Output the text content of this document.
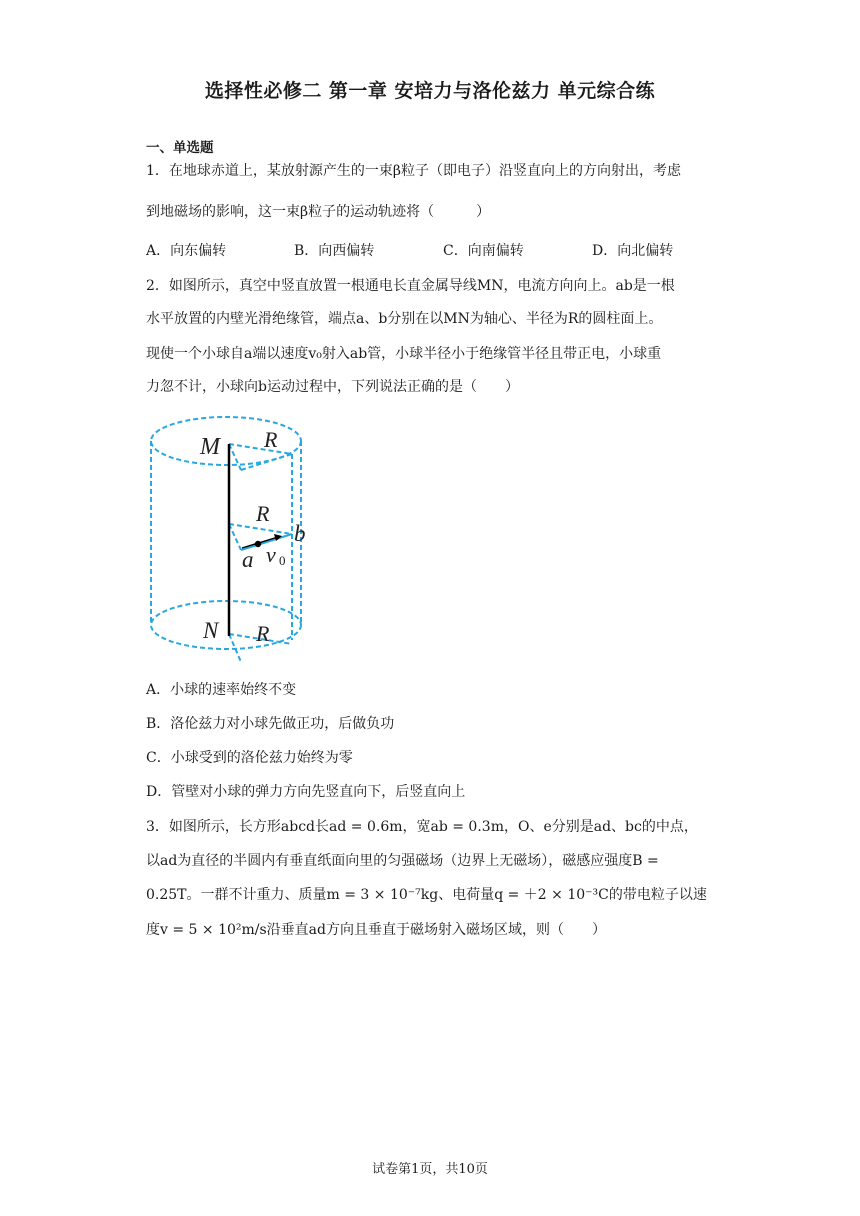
选择性必修二 第一章 安培力与洛伦兹力 单元综合练
一、单选题
1．在地球赤道上，某放射源产生的一束β粒子（即电子）沿竖直向上的方向射出，考虑
到地磁场的影响，这一束β粒子的运动轨迹将（　　　）
A．向东偏转	B．向西偏转	C．向南偏转	D．向北偏转
2．如图所示，真空中竖直放置一根通电长直金属导线MN，电流方向向上。ab是一根
水平放置的内壁光滑绝缘管，端点a、b分别在以MN为轴心、半径为R的圆柱面上。
现使一个小球自a端以速度v₀射入ab管，小球半径小于绝缘管半径且带正电，小球重
力忽不计，小球向b运动过程中，下列说法正确的是（　　）
M R
R
b
a v
N R
0
A．小球的速率始终不变
B．洛伦兹力对小球先做正功，后做负功
C．小球受到的洛伦兹力始终为零
D．管壁对小球的弹力方向先竖直向下，后竖直向上
3．如图所示，长方形abcd长ad = 0.6m，宽ab = 0.3m，O、e分别是ad、bc的中点，
以ad为直径的半圆内有垂直纸面向里的匀强磁场（边界上无磁场），磁感应强度B =
0.25T。一群不计重力、质量m = 3 × 10⁻⁷kg、电荷量q = ＋2 × 10⁻³C的带电粒子以速
度v = 5 × 10²m/s沿垂直ad方向且垂直于磁场射入磁场区域，则（　　）
试卷第1页，共10页
